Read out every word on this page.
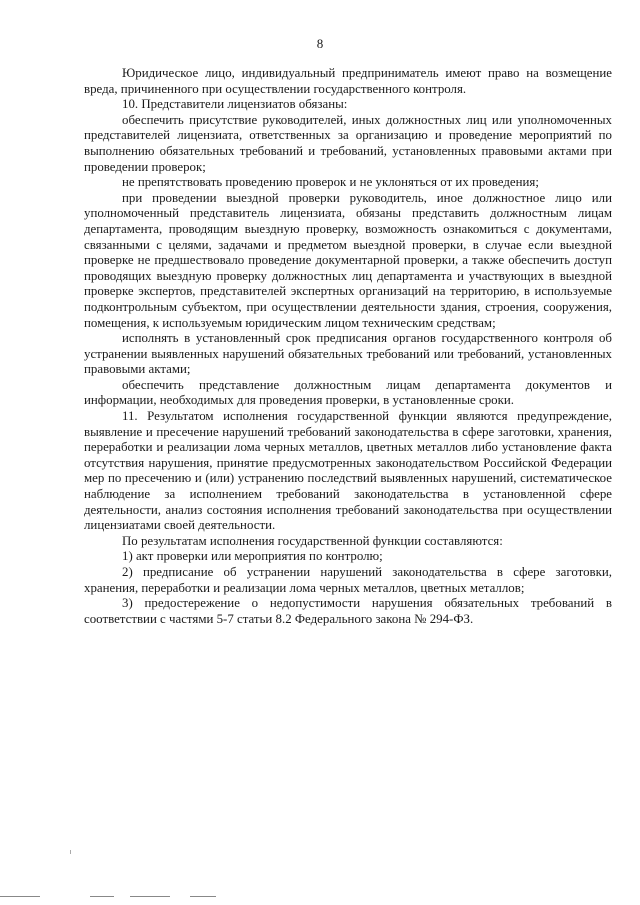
8

Юридическое лицо, индивидуальный предприниматель имеют право на возмещение вреда, причиненного при осуществлении государственного контроля.

10. Представители лицензиатов обязаны:

обеспечить присутствие руководителей, иных должностных лиц или уполномоченных представителей лицензиата, ответственных за организацию и проведение мероприятий по выполнению обязательных требований и требований, установленных правовыми актами при проведении проверок;

не препятствовать проведению проверок и не уклоняться от их проведения;

при проведении выездной проверки руководитель, иное должностное лицо или уполномоченный представитель лицензиата, обязаны представить должностным лицам департамента, проводящим выездную проверку, возможность ознакомиться с документами, связанными с целями, задачами и предметом выездной проверки, в случае если выездной проверке не предшествовало проведение документарной проверки, а также обеспечить доступ проводящих выездную проверку должностных лиц департамента и участвующих в выездной проверке экспертов, представителей экспертных организаций на территорию, в используемые подконтрольным субъектом, при осуществлении деятельности здания, строения, сооружения, помещения, к используемым юридическим лицом техническим средствам;

исполнять в установленный срок предписания органов государственного контроля об устранении выявленных нарушений обязательных требований или требований, установленных правовыми актами;

обеспечить представление должностным лицам департамента документов и информации, необходимых для проведения проверки, в установленные сроки.

11. Результатом исполнения государственной функции являются предупреждение, выявление и пресечение нарушений требований законодательства в сфере заготовки, хранения, переработки и реализации лома черных металлов, цветных металлов либо установление факта отсутствия нарушения, принятие предусмотренных законодательством Российской Федерации мер по пресечению и (или) устранению последствий выявленных нарушений, систематическое наблюдение за исполнением требований законодательства в установленной сфере деятельности, анализ состояния исполнения требований законодательства при осуществлении лицензиатами своей деятельности.

По результатам исполнения государственной функции составляются:

1) акт проверки или мероприятия по контролю;

2) предписание об устранении нарушений законодательства в сфере заготовки, хранения, переработки и реализации лома черных металлов, цветных металлов;

3) предостережение о недопустимости нарушения обязательных требований в соответствии с частями 5-7 статьи 8.2 Федерального закона № 294-ФЗ.
